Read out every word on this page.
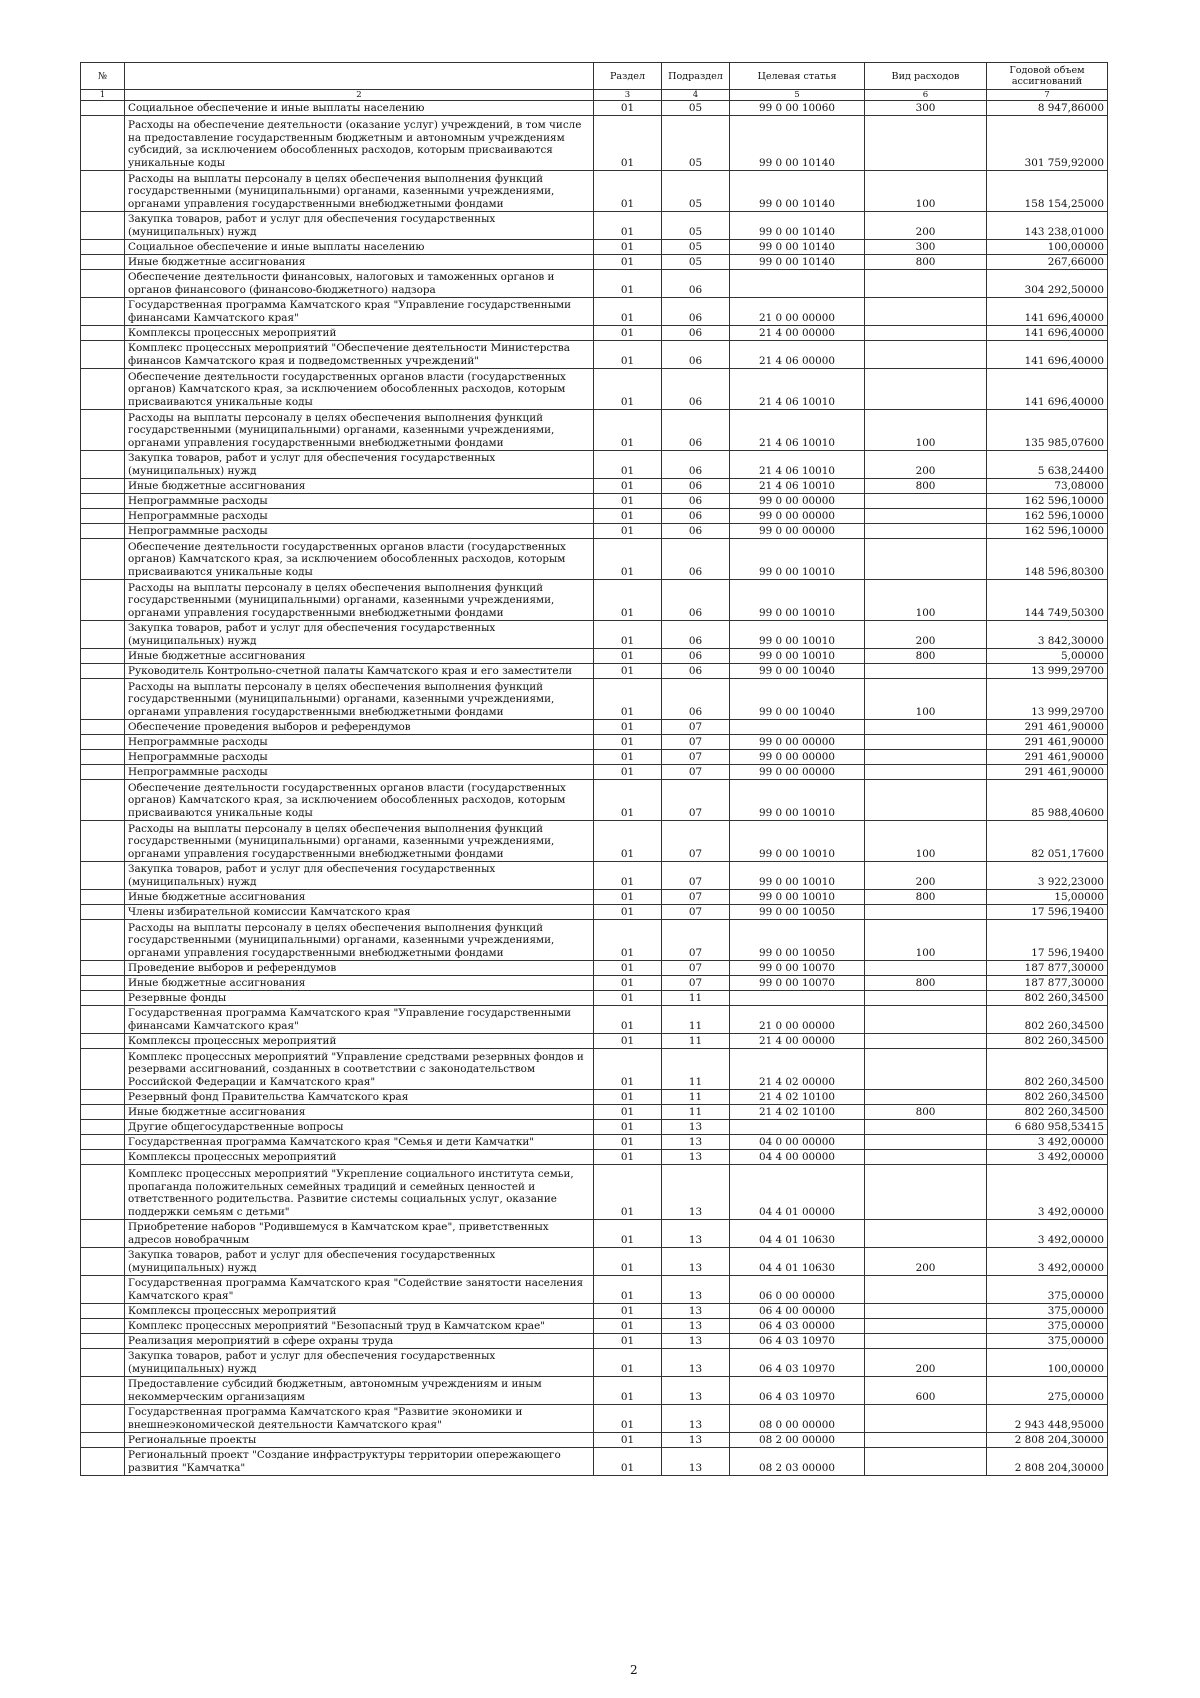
№		Раздел	Подраздел	Целевая статья	Вид расходов	Годовой объем ассигнований
1	2	3	4	5	6	7
	Социальное обеспечение и иные выплаты населению	01	05	99 0 00 10060	300	8 947,86000
	Расходы на обеспечение деятельности (оказание услуг) учреждений, в том числе на предоставление государственным бюджетным и автономным учреждениям субсидий, за исключением обособленных расходов, которым присваиваются уникальные коды	01	05	99 0 00 10140		301 759,92000
	Расходы на выплаты персоналу в целях обеспечения выполнения функций государственными (муниципальными) органами, казенными учреждениями, органами управления государственными внебюджетными фондами	01	05	99 0 00 10140	100	158 154,25000
	Закупка товаров, работ и услуг для обеспечения государственных (муниципальных) нужд	01	05	99 0 00 10140	200	143 238,01000
	Социальное обеспечение и иные выплаты населению	01	05	99 0 00 10140	300	100,00000
	Иные бюджетные ассигнования	01	05	99 0 00 10140	800	267,66000
	Обеспечение деятельности финансовых, налоговых и таможенных органов и органов финансового (финансово-бюджетного) надзора	01	06			304 292,50000
	Государственная программа Камчатского края "Управление государственными финансами Камчатского края"	01	06	21 0 00 00000		141 696,40000
	Комплексы процессных мероприятий	01	06	21 4 00 00000		141 696,40000
	Комплекс процессных мероприятий "Обеспечение деятельности Министерства финансов Камчатского края и подведомственных учреждений"	01	06	21 4 06 00000		141 696,40000
	Обеспечение деятельности государственных органов власти (государственных органов) Камчатского края, за исключением обособленных расходов, которым присваиваются уникальные коды	01	06	21 4 06 10010		141 696,40000
	Расходы на выплаты персоналу в целях обеспечения выполнения функций государственными (муниципальными) органами, казенными учреждениями, органами управления государственными внебюджетными фондами	01	06	21 4 06 10010	100	135 985,07600
	Закупка товаров, работ и услуг для обеспечения государственных (муниципальных) нужд	01	06	21 4 06 10010	200	5 638,24400
	Иные бюджетные ассигнования	01	06	21 4 06 10010	800	73,08000
	Непрограммные расходы	01	06	99 0 00 00000		162 596,10000
	Непрограммные расходы	01	06	99 0 00 00000		162 596,10000
	Непрограммные расходы	01	06	99 0 00 00000		162 596,10000
	Обеспечение деятельности государственных органов власти (государственных органов) Камчатского края, за исключением обособленных расходов, которым присваиваются уникальные коды	01	06	99 0 00 10010		148 596,80300
	Расходы на выплаты персоналу в целях обеспечения выполнения функций государственными (муниципальными) органами, казенными учреждениями, органами управления государственными внебюджетными фондами	01	06	99 0 00 10010	100	144 749,50300
	Закупка товаров, работ и услуг для обеспечения государственных (муниципальных) нужд	01	06	99 0 00 10010	200	3 842,30000
	Иные бюджетные ассигнования	01	06	99 0 00 10010	800	5,00000
	Руководитель Контрольно-счетной палаты Камчатского края и его заместители	01	06	99 0 00 10040		13 999,29700
	Расходы на выплаты персоналу в целях обеспечения выполнения функций государственными (муниципальными) органами, казенными учреждениями, органами управления государственными внебюджетными фондами	01	06	99 0 00 10040	100	13 999,29700
	Обеспечение проведения выборов и референдумов	01	07			291 461,90000
	Непрограммные расходы	01	07	99 0 00 00000		291 461,90000
	Непрограммные расходы	01	07	99 0 00 00000		291 461,90000
	Непрограммные расходы	01	07	99 0 00 00000		291 461,90000
	Обеспечение деятельности государственных органов власти (государственных органов) Камчатского края, за исключением обособленных расходов, которым присваиваются уникальные коды	01	07	99 0 00 10010		85 988,40600
	Расходы на выплаты персоналу в целях обеспечения выполнения функций государственными (муниципальными) органами, казенными учреждениями, органами управления государственными внебюджетными фондами	01	07	99 0 00 10010	100	82 051,17600
	Закупка товаров, работ и услуг для обеспечения государственных (муниципальных) нужд	01	07	99 0 00 10010	200	3 922,23000
	Иные бюджетные ассигнования	01	07	99 0 00 10010	800	15,00000
	Члены избирательной комиссии Камчатского края	01	07	99 0 00 10050		17 596,19400
	Расходы на выплаты персоналу в целях обеспечения выполнения функций государственными (муниципальными) органами, казенными учреждениями, органами управления государственными внебюджетными фондами	01	07	99 0 00 10050	100	17 596,19400
	Проведение выборов и референдумов	01	07	99 0 00 10070		187 877,30000
	Иные бюджетные ассигнования	01	07	99 0 00 10070	800	187 877,30000
	Резервные фонды	01	11			802 260,34500
	Государственная программа Камчатского края "Управление государственными финансами Камчатского края"	01	11	21 0 00 00000		802 260,34500
	Комплексы процессных мероприятий	01	11	21 4 00 00000		802 260,34500
	Комплекс процессных мероприятий "Управление средствами резервных фондов и резервами ассигнований, созданных в соответствии с законодательством Российской Федерации и Камчатского края"	01	11	21 4 02 00000		802 260,34500
	Резервный фонд Правительства Камчатского края	01	11	21 4 02 10100		802 260,34500
	Иные бюджетные ассигнования	01	11	21 4 02 10100	800	802 260,34500
	Другие общегосударственные вопросы	01	13			6 680 958,53415
	Государственная программа Камчатского края "Семья и дети Камчатки"	01	13	04 0 00 00000		3 492,00000
	Комплексы процессных мероприятий	01	13	04 4 00 00000		3 492,00000
	Комплекс процессных мероприятий "Укрепление социального института семьи, пропаганда положительных семейных традиций и семейных ценностей и ответственного родительства. Развитие системы социальных услуг, оказание поддержки семьям с детьми"	01	13	04 4 01 00000		3 492,00000
	Приобретение наборов "Родившемуся в Камчатском крае", приветственных адресов новобрачным	01	13	04 4 01 10630		3 492,00000
	Закупка товаров, работ и услуг для обеспечения государственных (муниципальных) нужд	01	13	04 4 01 10630	200	3 492,00000
	Государственная программа Камчатского края "Содействие занятости населения Камчатского края"	01	13	06 0 00 00000		375,00000
	Комплексы процессных мероприятий	01	13	06 4 00 00000		375,00000
	Комплекс процессных мероприятий "Безопасный труд в Камчатском крае"	01	13	06 4 03 00000		375,00000
	Реализация мероприятий в сфере охраны труда	01	13	06 4 03 10970		375,00000
	Закупка товаров, работ и услуг для обеспечения государственных (муниципальных) нужд	01	13	06 4 03 10970	200	100,00000
	Предоставление субсидий бюджетным, автономным учреждениям и иным некоммерческим организациям	01	13	06 4 03 10970	600	275,00000
	Государственная программа Камчатского края "Развитие экономики и внешнеэкономической деятельности Камчатского края"	01	13	08 0 00 00000		2 943 448,95000
	Региональные проекты	01	13	08 2 00 00000		2 808 204,30000
	Региональный проект "Создание инфраструктуры территории опережающего развития "Камчатка"	01	13	08 2 03 00000		2 808 204,30000
2
